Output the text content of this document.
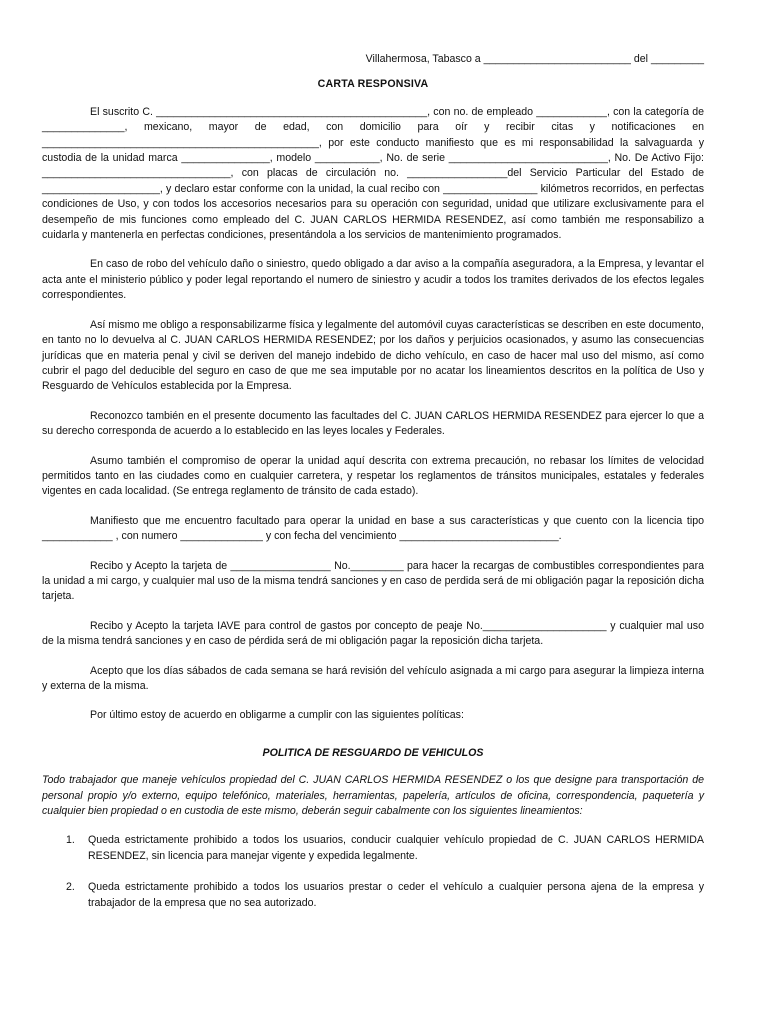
Villahermosa, Tabasco a _________________________ del _________
CARTA RESPONSIVA

El suscrito C. ______________________________________________, con no. de empleado ____________, con la categoría de ______________, mexicano, mayor de edad, con domicilio para oír y recibir citas y notificaciones en _______________________________________________, por este conducto manifiesto que es mi responsabilidad la salvaguarda y custodia de la unidad marca _______________, modelo ___________, No. de serie ___________________________, No. De Activo Fijo: ________________________________, con placas de circulación no. _________________del Servicio Particular del Estado de ____________________, y declaro estar conforme con la unidad, la cual recibo con ________________ kilómetros recorridos, en perfectas condiciones de Uso, y con todos los accesorios necesarios para su operación con seguridad, unidad que utilizare exclusivamente para el desempeño de mis funciones como empleado del C. JUAN CARLOS HERMIDA RESENDEZ, así como también me responsabilizo a cuidarla y mantenerla en perfectas condiciones, presentándola a los servicios de mantenimiento programados.

En caso de robo del vehículo daño o siniestro, quedo obligado a dar aviso a la compañía aseguradora, a la Empresa, y levantar el acta ante el ministerio público y poder legal reportando el numero de siniestro y acudir a todos los tramites derivados de los efectos legales correspondientes.

Así mismo me obligo a responsabilizarme física y legalmente del automóvil cuyas características se describen en este documento, en tanto no lo devuelva al C. JUAN CARLOS HERMIDA RESENDEZ; por los daños y perjuicios ocasionados, y asumo las consecuencias jurídicas que en materia penal y civil se deriven del manejo indebido de dicho vehículo, en caso de hacer mal uso del mismo, así como cubrir el pago del deducible del seguro en caso de que me sea imputable por no acatar los lineamientos descritos en la política de Uso y Resguardo de Vehículos establecida por la Empresa.

Reconozco también en el presente documento las facultades del C. JUAN CARLOS HERMIDA RESENDEZ para ejercer lo que a su derecho corresponda de acuerdo a lo establecido en las leyes locales y Federales.

Asumo también el compromiso de operar la unidad aquí descrita con extrema precaución, no rebasar los límites de velocidad permitidos tanto en las ciudades como en cualquier carretera, y respetar los reglamentos de tránsitos municipales, estatales y federales vigentes en cada localidad. (Se entrega reglamento de tránsito de cada estado).

Manifiesto que me encuentro facultado para operar la unidad en base a sus características y que cuento con la licencia tipo ____________ , con numero ______________ y con fecha del vencimiento ___________________________.

Recibo y Acepto la tarjeta de _________________ No._________ para hacer la recargas de combustibles correspondientes para la unidad a mi cargo, y cualquier mal uso de la misma tendrá sanciones y en caso de perdida será de mi obligación pagar la reposición dicha tarjeta.

Recibo y Acepto la tarjeta IAVE para control de gastos por concepto de peaje No._____________________ y cualquier mal uso de la misma tendrá sanciones y en caso de pérdida será de mi obligación pagar la reposición dicha tarjeta.

Acepto que los días sábados de cada semana se hará revisión del vehículo asignada a mi cargo para asegurar la limpieza interna y externa de la misma.

Por último estoy de acuerdo en obligarme a cumplir con las siguientes políticas:

POLITICA DE RESGUARDO DE VEHICULOS

Todo trabajador que maneje vehículos propiedad del C. JUAN CARLOS HERMIDA RESENDEZ o los que designe para transportación de personal propio y/o externo, equipo telefónico, materiales, herramientas, papelería, artículos de oficina, correspondencia, paquetería y cualquier bien propiedad o en custodia de este mismo, deberán seguir cabalmente con los siguientes lineamientos:

1.	Queda estrictamente prohibido a todos los usuarios, conducir cualquier vehículo propiedad de C. JUAN CARLOS HERMIDA RESENDEZ, sin licencia para manejar vigente y expedida legalmente.
2.	Queda estrictamente prohibido a todos los usuarios prestar o ceder el vehículo a cualquier persona ajena de la empresa y trabajador de la empresa que no sea autorizado.
